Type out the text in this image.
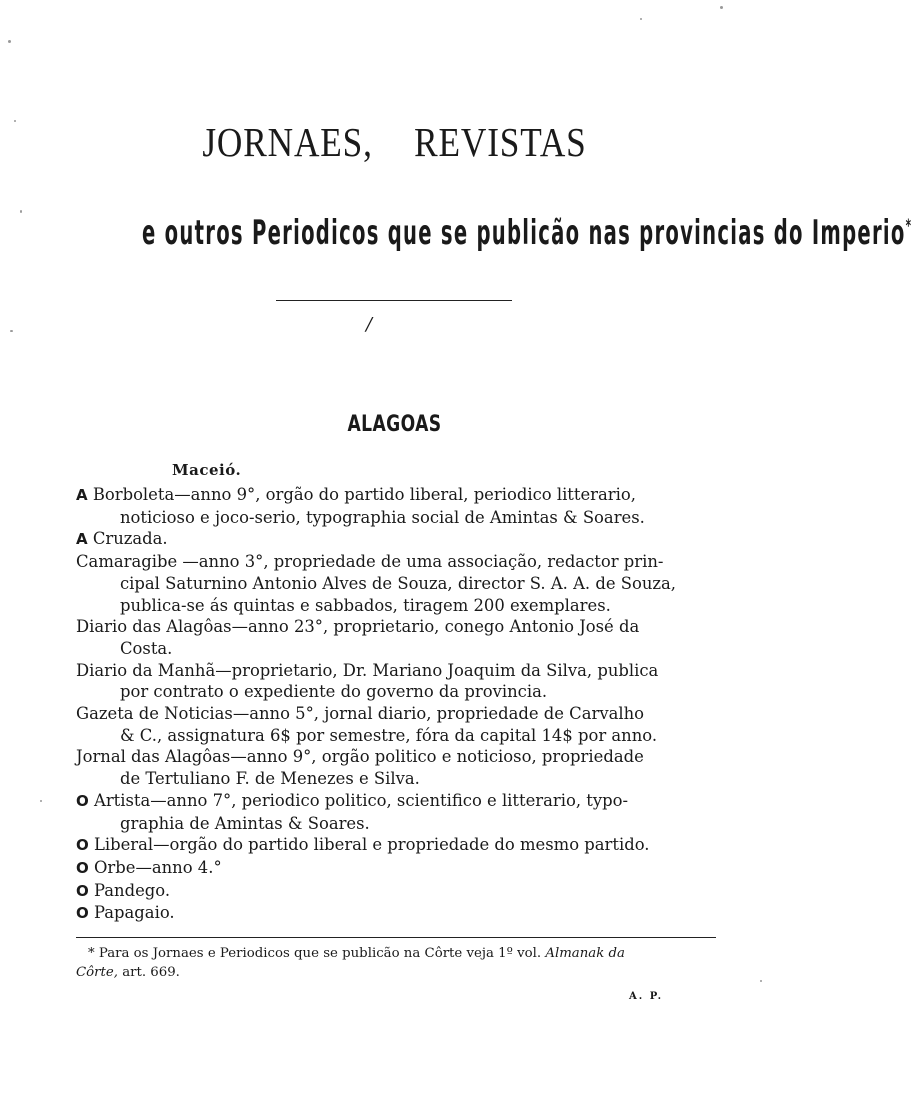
JORNAES, REVISTAS
e outros Periodicos que se publicão nas provincias do Imperio*
/
ALAGOAS
Maceió.
A Borboleta—anno 9°, orgão do partido liberal, periodico litterario,
noticioso e joco-serio, typographia social de Amintas & Soares.
A Cruzada.
Camaragibe —anno 3°, propriedade de uma associação, redactor prin-
cipal Saturnino Antonio Alves de Souza, director S. A. A. de Souza,
publica-se ás quintas e sabbados, tiragem 200 exemplares.
Diario das Alagôas—anno 23°, proprietario, conego Antonio José da
Costa.
Diario da Manhã—proprietario, Dr. Mariano Joaquim da Silva, publica
por contrato o expediente do governo da provincia.
Gazeta de Noticias—anno 5°, jornal diario, propriedade de Carvalho
& C., assignatura 6$ por semestre, fóra da capital 14$ por anno.
Jornal das Alagôas—anno 9°, orgão politico e noticioso, propriedade
de Tertuliano F. de Menezes e Silva.
O Artista—anno 7°, periodico politico, scientifico e litterario, typo-
graphia de Amintas & Soares.
O Liberal—orgão do partido liberal e propriedade do mesmo partido.
O Orbe—anno 4.°
O Pandego.
O Papagaio.
* Para os Jornaes e Periodicos que se publicão na Côrte veja 1º vol. Almanak da
Côrte, art. 669.
A. P.
